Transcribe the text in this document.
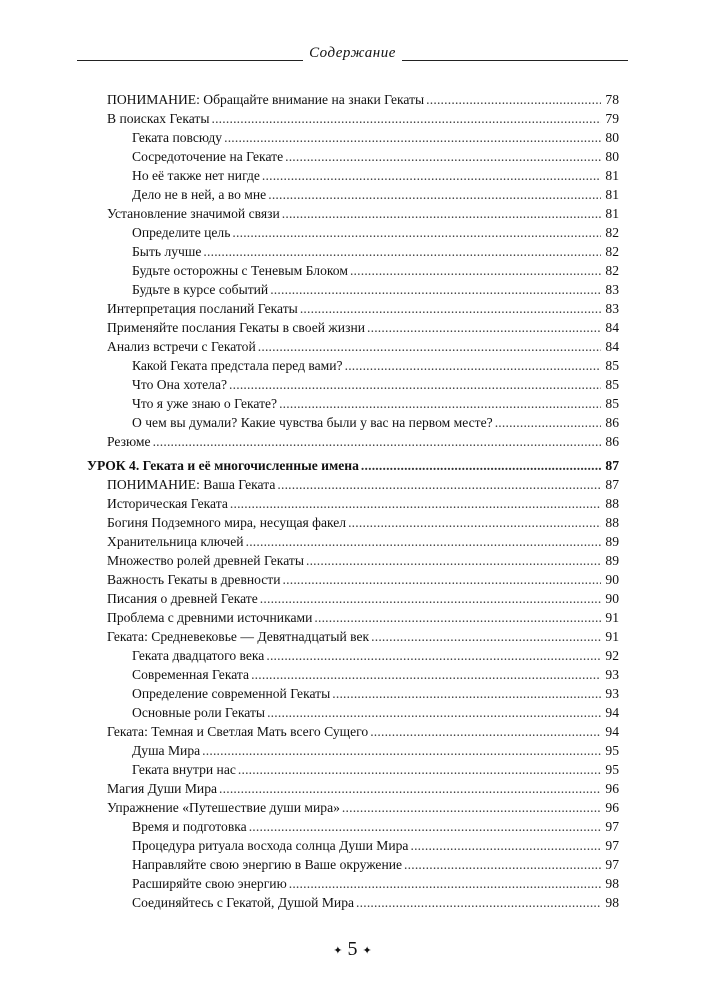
Содержание
ПОНИМАНИЕ: Обращайте внимание на знаки Гекаты . . .	78
В поисках Гекаты . . .	79
Геката повсюду . . .	80
Сосредоточение на Гекате . . .	80
Но её также нет нигде . . .	81
Дело не в ней, а во мне . . .	81
Установление значимой связи . . .	81
Определите цель . . .	82
Быть лучше . . .	82
Будьте осторожны с Теневым Блоком . . .	82
Будьте в курсе событий . . .	83
Интерпретация посланий Гекаты . . .	83
Применяйте послания Гекаты в своей жизни . . .	84
Анализ встречи с Гекатой . . .	84
Какой Геката предстала перед вами? . . .	85
Что Она хотела? . . .	85
Что я уже знаю о Гекате? . . .	85
О чем вы думали? Какие чувства были у вас на первом месте? . . .	86
Резюме . . .	86
УРОК 4. Геката и её многочисленные имена . . .	87
ПОНИМАНИЕ: Ваша Геката . . .	87
Историческая Геката . . .	88
Богиня Подземного мира, несущая факел . . .	88
Хранительница ключей . . .	89
Множество ролей древней Гекаты . . .	89
Важность Гекаты в древности . . .	90
Писания о древней Гекате . . .	90
Проблема с древними источниками . . .	91
Геката: Средневековье — Девятнадцатый век . . .	91
Геката двадцатого века . . .	92
Современная Геката . . .	93
Определение современной Гекаты . . .	93
Основные роли Гекаты . . .	94
Геката: Темная и Светлая Мать всего Сущего . . .	94
Душа Мира . . .	95
Геката внутри нас . . .	95
Магия Души Мира . . .	96
Упражнение «Путешествие души мира» . . .	96
Время и подготовка . . .	97
Процедура ритуала восхода солнца Души Мира . . .	97
Направляйте свою энергию в Ваше окружение . . .	97
Расширяйте свою энергию . . .	98
Соединяйтесь с Гекатой, Душой Мира . . .	98
✦ 5 ✦
